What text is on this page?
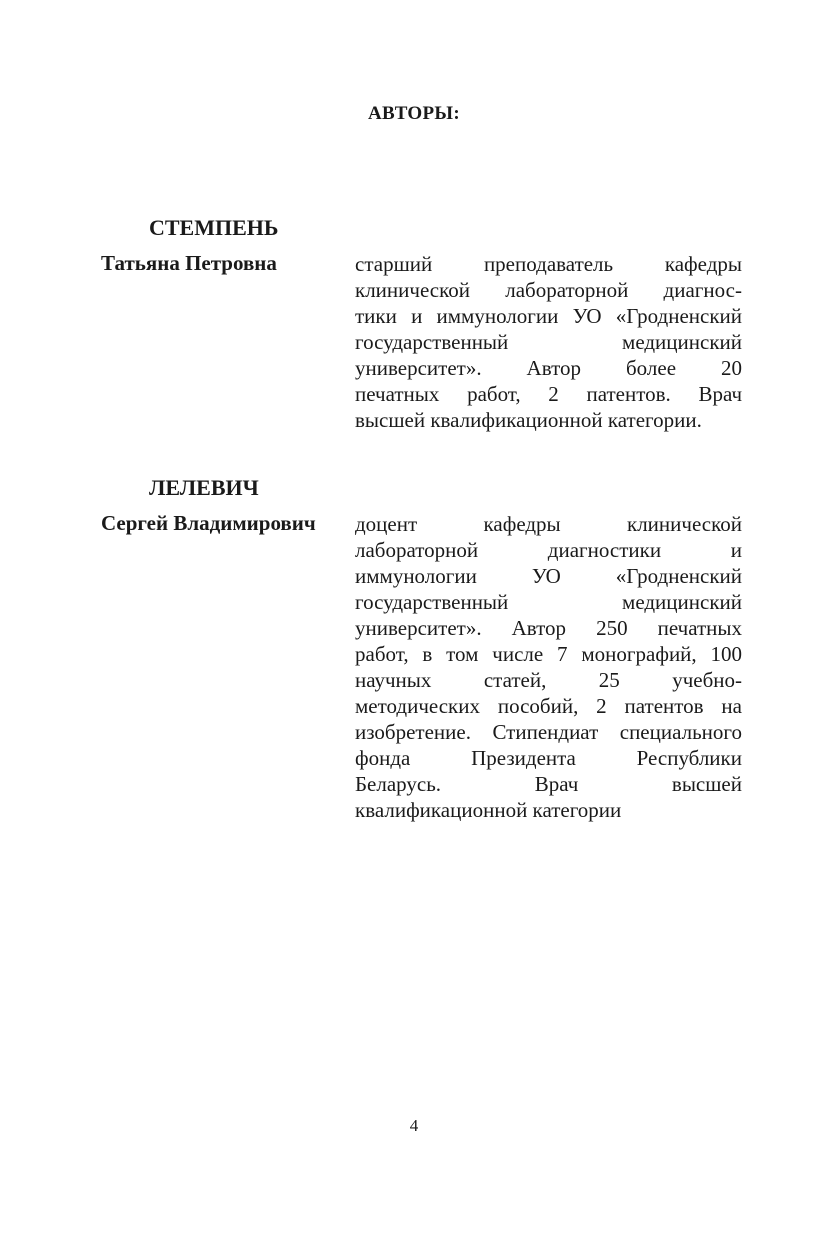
АВТОРЫ:
СТЕМПЕНЬ
Татьяна Петровна	старший преподаватель кафедры
клинической лабораторной диагнос-
тики и иммунологии УО «Гродненский
государственный медицинский
университет». Автор более 20
печатных работ, 2 патентов. Врач
высшей квалификационной категории.
ЛЕЛЕВИЧ
Сергей Владимирович доцент кафедры клинической
лабораторной диагностики и
иммунологии УО «Гродненский
государственный медицинский
университет». Автор 250 печатных
работ, в том числе 7 монографий, 100
научных статей, 25 учебно-
методических пособий, 2 патентов на
изобретение. Стипендиат специального
фонда Президента Республики
Беларусь. Врач высшей
квалификационной категории
4
